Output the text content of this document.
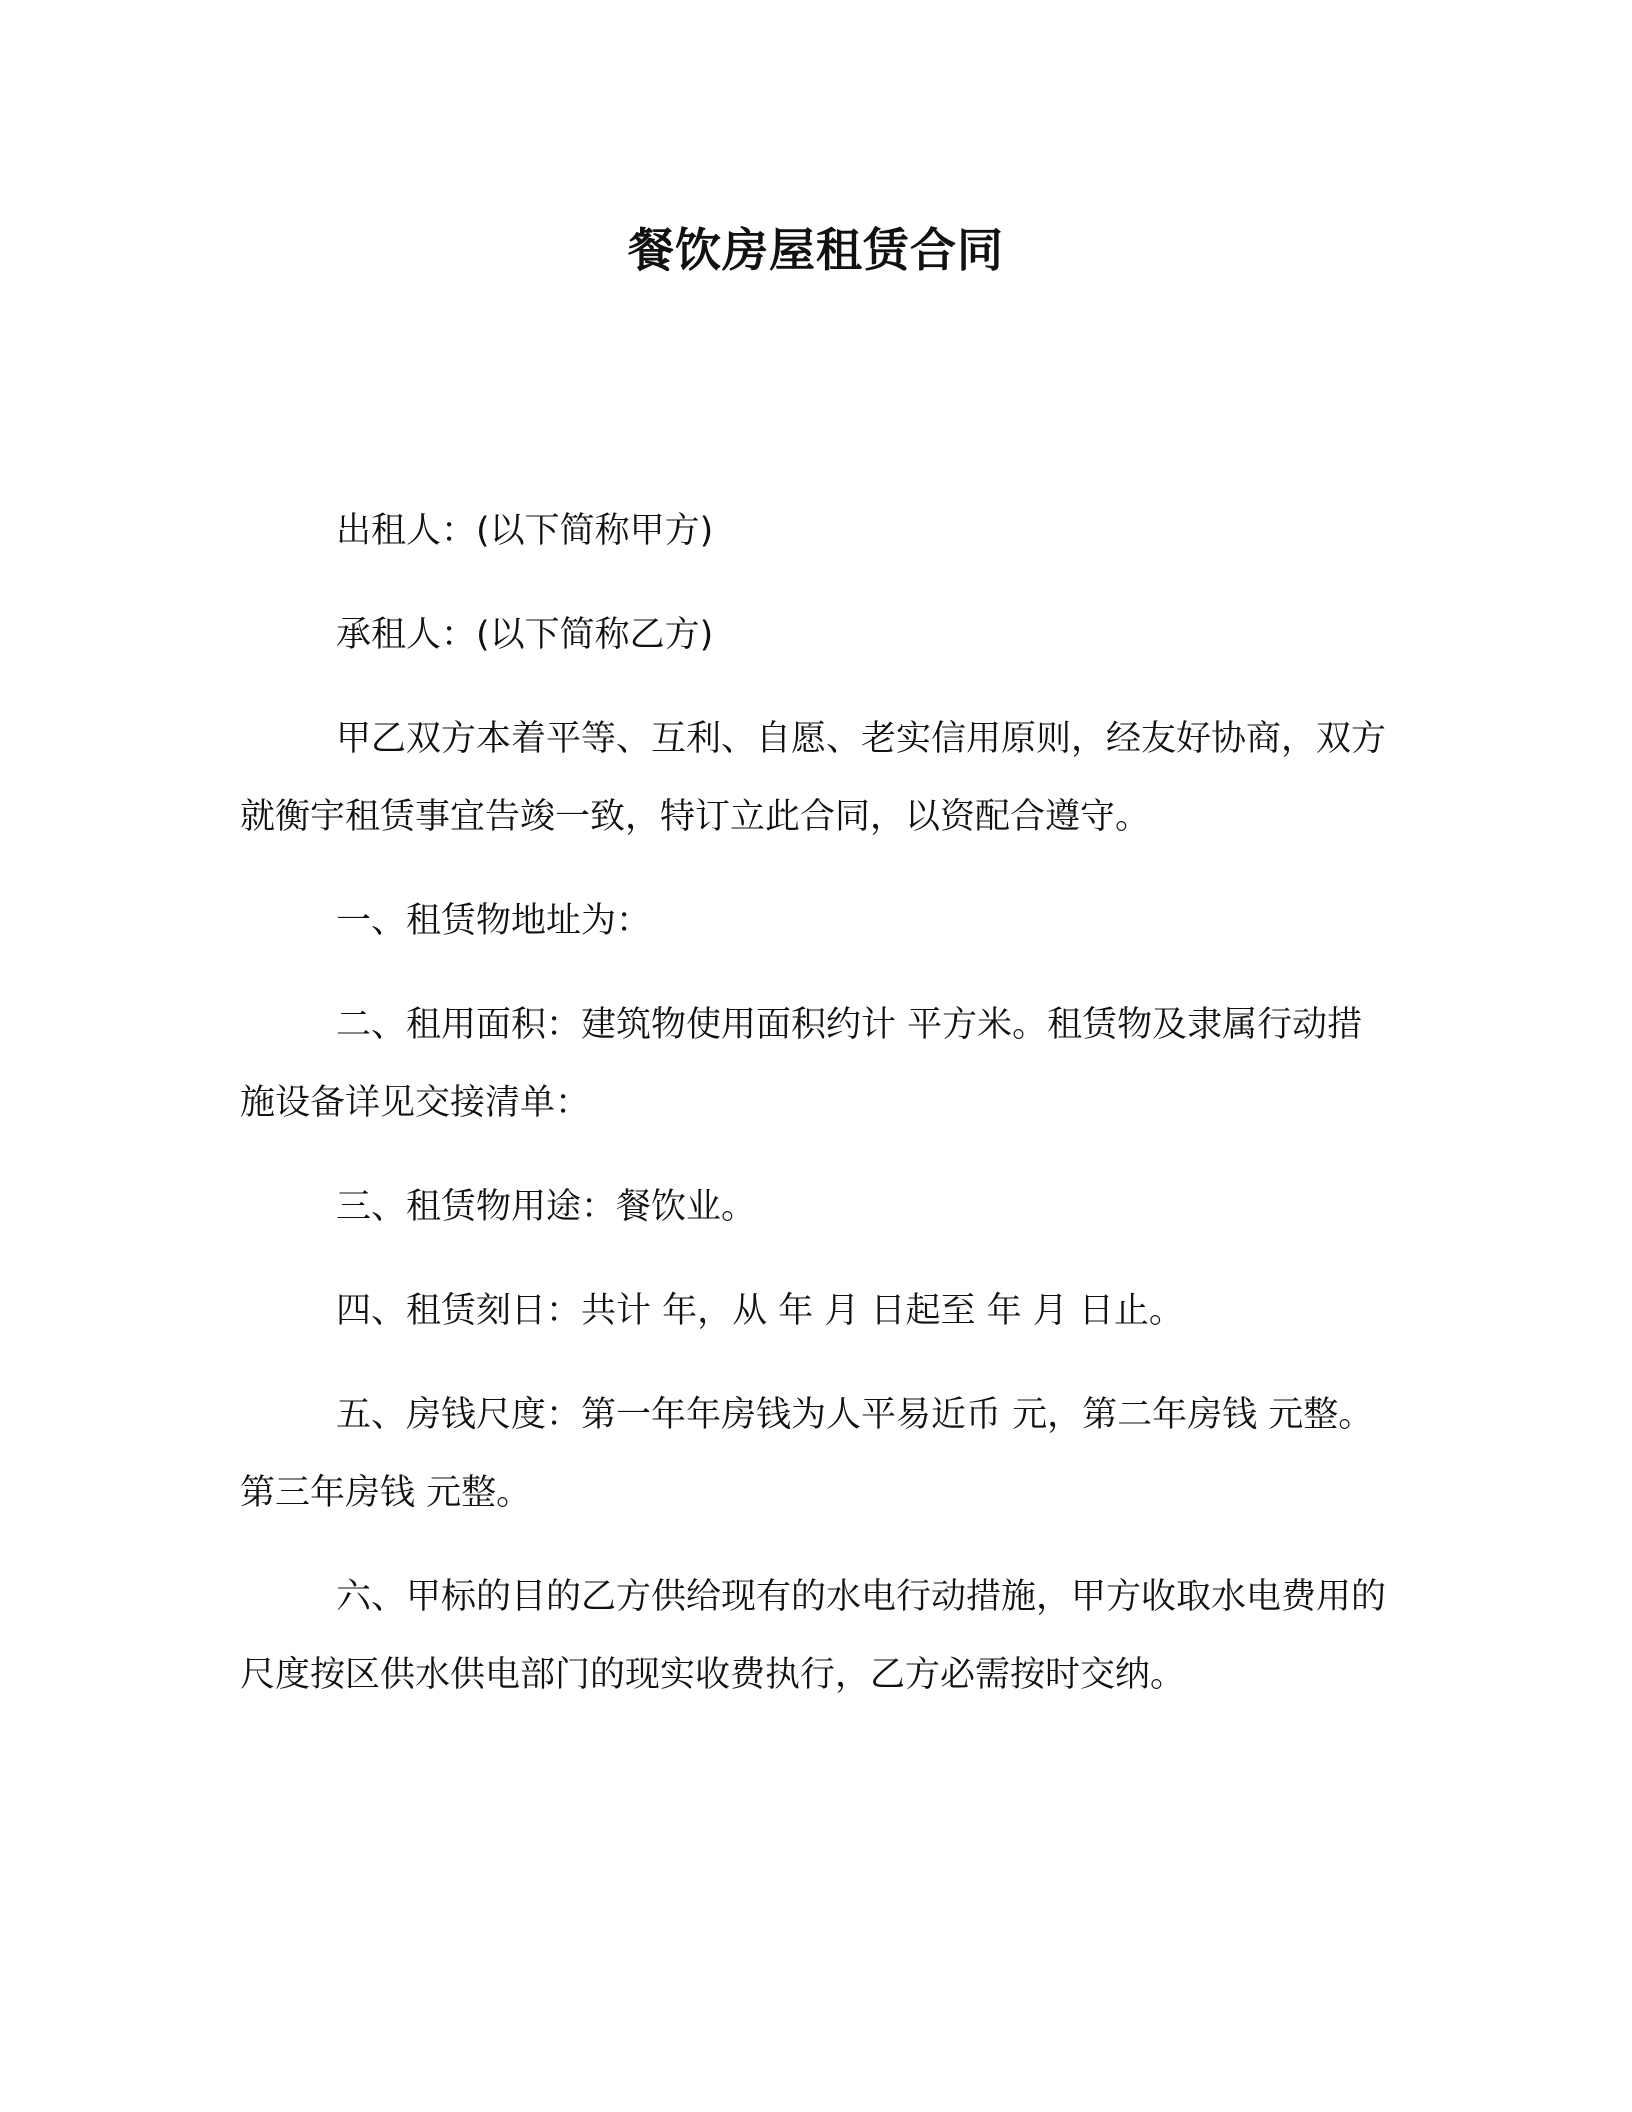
餐饮房屋租赁合同

出租人：(以下简称甲方)

承租人：(以下简称乙方)

甲乙双方本着平等、互利、自愿、老实信用原则，经友好协商，双方就衡宇租赁事宜告竣一致，特订立此合同，以资配合遵守。

一、租赁物地址为：

二、租用面积：建筑物使用面积约计 平方米。租赁物及隶属行动措施设备详见交接清单：

三、租赁物用途：餐饮业。

四、租赁刻日：共计 年，从 年 月 日起至 年 月 日止。

五、房钱尺度：第一年年房钱为人平易近币 元，第二年房钱 元整。第三年房钱 元整。

六、甲标的目的乙方供给现有的水电行动措施，甲方收取水电费用的尺度按区供水供电部门的现实收费执行，乙方必需按时交纳。
